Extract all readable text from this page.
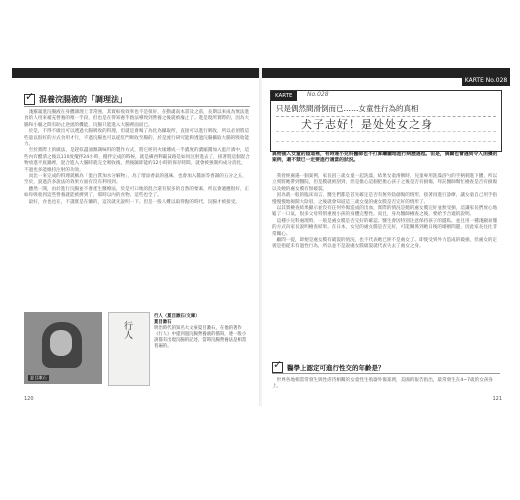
✓
混養浣腸液的「調理法」

淺羅滿進浣腸液在身體調理上非常強，其實較收效率也不是很好，在動滿南本書及之前，長期以來成為無法進食的人用來補充營養的唯一手段，但也是在得知養乎熱法導致到營養之後就被廢止了。進是現所實際的，因為大腸和小腸之間有助止逆流的機能，浣腸只能進入大腸裡面而已。

於是，不得不做出可以透過大腸吸收的料理，但就是會喝了為化為攝取所，直接可以進行吸收，所以必須將這些量以很好的方式食用才行，不過浣腸也可以從肛門吸收至腸的，於是流行研究能夠透過浣腸攝取大腸的吸收能力。

至於實際上的做法，是趕似盡油類調味料的製作方式，將它經用火烯燻成一半濃度的濃縮醬加入蛋汁酒中，這些內有醋漬之後以110度攪拌24小時，攪拌完成的時候，就是磷西利霸貧路是如何注射進去了，接著將這個混合物放進平底鍋裡，混合進入大腸時就完全吸收後，然後隨即能約12小時的保存時間。就會被強制約成分消化，不過也多能維持注射的功效。

而比一來完成的料理就稱為「蛋白質加水分解物」，為了增添香氣的風味，也會加入醬油等香調的五分之五，至於，說過許多說法的效果方面有沒有利用到。

雖然一開，由於進行浣腸並不會產生醫療法，於是可口地的混合還有很多的自然的要素，所以會適應很好，正如你吸收到這些營養就能被擠到了，那時以內的食物，這些也全了。

最好，食也也在，不謹實是在藥的，這次就先說明一下。但是一般人難以取得點的時代，浣腸才被接受。

夏目漱石
行人
行人（夏目漱石/文庫）
夏目漱石
明治時代的知名大文豪夏目漱石，在他的著作《行人》中提到過浣腸營養液的描寫，連一般小說都有出現浣腸的記述，當時浣腸營養法是相當普遍的。
120
KARTE No.028
KARTE	No.028
只是偶然間滑倒而已……女童性行為的真相
犬子志好！是处处女之身
異物插入女童的陰道裡，有時連小兒科醫師也不打算繼續地進行病歷過程。但是，偶爾也會遇到令人困擾的案例，還不禁已一定要進行適當的狀況。

我曾經處遇一個案例，家長因三歲女童一起洗澡，結果女童滑倒時，兒童專用洗澡浴勺的手柄刺進下體，所以立刻將她帶到醫院，但是膜就被刮到，但是擔心這個把擔心孩子之後是否有損傷，拜託醫師幫忙檢查是否有損傷以及她的處女膜有無破裂。

因為就一般的臨床而言，醫生們都是首先確定是否有無外陰創傷的情形，接著再進行診療，讓女童自己用手指慢慢慢地揭開大陰唇，之後就會知道這三歲女童的處女膜是否完好的情形了。

以其實檢查結果顯示並沒有任何外傷造成的出血，實際的情況是她的處女膜完好並無受損，這讓家長們放心地鬆了一口氣，很多父母特別重視小孩的身體完整性。而且，身為醫師檢查之後，要給予合適的說明。

這種小兒科處理時，一般是處女膜是否完好的確認，醫生會因特別注意保持孩子的隱私，並且用一種淺顯易懂的方式向家長說明檢查結果。在日本，女兒的處女膜是否完好，可能關係到她日後的婚姻問題，因此家長往往非常關心。

顧問一提，即便是處女膜有破裂的情況，也不代表她已經不是處女了。即使受到外力造成的破損，但處女的定義是指從未有過性行為，所以並不是說處女膜破裂就代表失去了處女之身。

✓
醫學上認定可進行性交的年齡是？

世界各地相當常發生與性虐待相關的女童性生殖器外傷案例，美國的報告指出，最常發生在4~7歲的女孩身上。

121
